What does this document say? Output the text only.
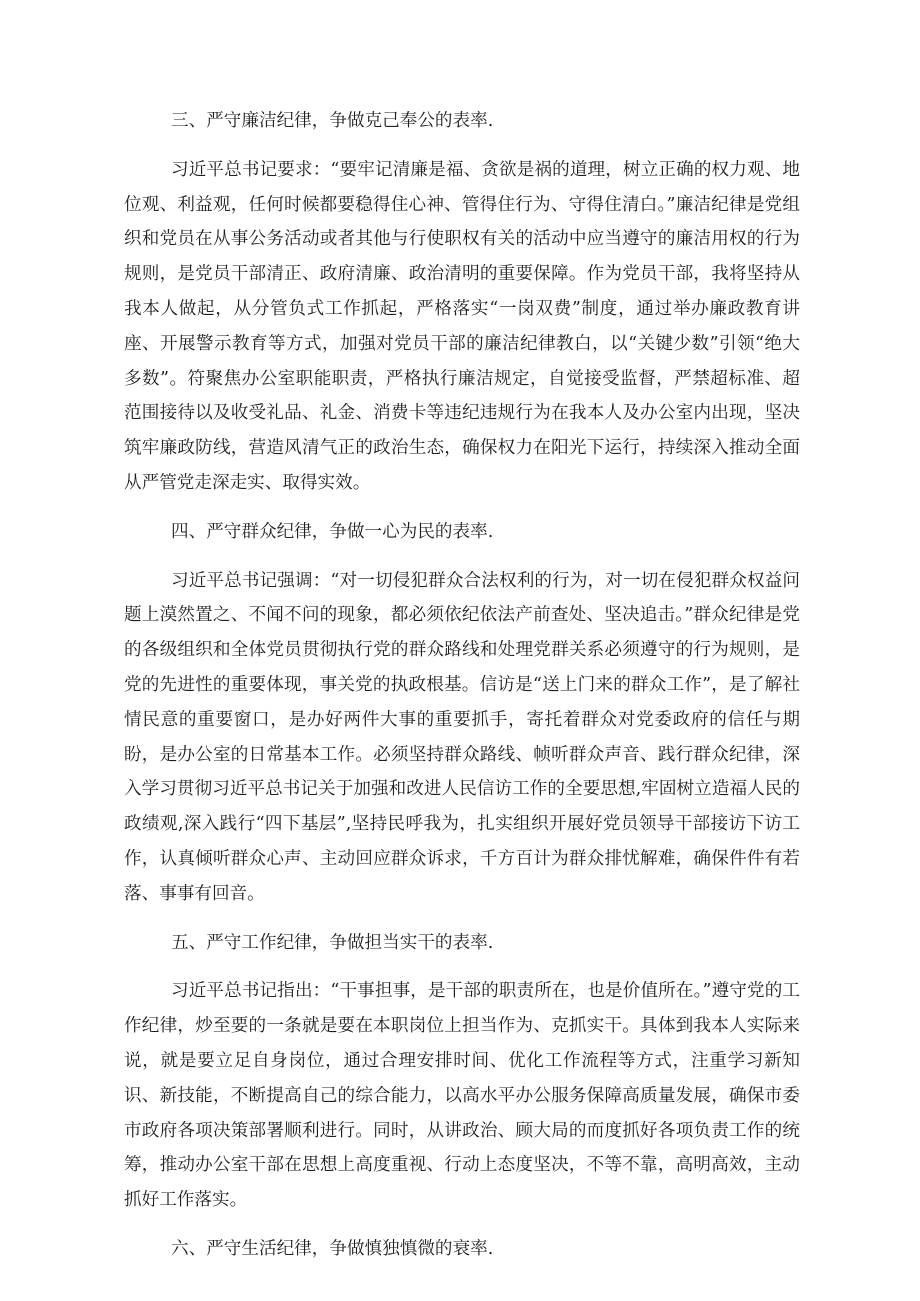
三、严守廉洁纪律，争做克己奉公的表率.
习近平总书记要求：“要牢记清廉是福、贪欲是祸的道理，树立正确的权力观、地位观、利益观，任何时候都要稳得住心神、管得住行为、守得住清白。”廉洁纪律是党组织和党员在从事公务活动或者其他与行使职权有关的活动中应当遵守的廉洁用权的行为规则，是党员干部清正、政府清廉、政治清明的重要保障。作为党员干部，我将坚持从我本人做起，从分管负式工作抓起，严格落实“一岗双费”制度，通过举办廉政教育讲座、开展警示教育等方式，加强对党员干部的廉洁纪律教白，以“关键少数”引领“绝大多数”。符聚焦办公室职能职责，严格执行廉洁规定，自觉接受监督，严禁超标准、超范围接待以及收受礼品、礼金、消费卡等违纪违规行为在我本人及办公室内出现，坚决筑牢廉政防线，营造风清气正的政治生态，确保权力在阳光下运行，持续深入推动全面从严管党走深走实、取得实效。
四、严守群众纪律，争做一心为民的表率.
习近平总书记强调：“对一切侵犯群众合法权利的行为，对一切在侵犯群众权益问题上漠然置之、不闻不问的现象，都必须依纪依法产前查处、坚决追击。”群众纪律是党的各级组织和全体党员贯彻执行党的群众路线和处理党群关系必须遵守的行为规则，是党的先进性的重要体现，事关党的执政根基。信访是“送上门来的群众工作”，是了解社情民意的重要窗口，是办好两件大事的重要抓手，寄托着群众对党委政府的信任与期盼，是办公室的日常基本工作。必须坚持群众路线、帧听群众声音、践行群众纪律，深入学习贯彻习近平总书记关于加强和改进人民信访工作的全要思想,牢固树立造福人民的政绩观,深入践行“四下基层”,坚持民呼我为，扎实组织开展好党员领导干部接访下访工作，认真倾听群众心声、主动回应群众诉求，千方百计为群众排忧解难，确保件件有若落、事事有回音。
五、严守工作纪律，争做担当实干的表率.
习近平总书记指出：“干事担事，是干部的职责所在，也是价值所在。”遵守党的工作纪律，炒至要的一条就是要在本职岗位上担当作为、克抓实干。具体到我本人实际来说，就是要立足自身岗位，通过合理安排时间、优化工作流程等方式，注重学习新知识、新技能，不断提高自己的综合能力，以高水平办公服务保障高质量发展，确保市委市政府各项决策部署顺利进行。同时，从讲政治、顾大局的而度抓好各项负责工作的统筹，推动办公室干部在思想上高度重视、行动上态度坚决，不等不靠，高明高效，主动抓好工作落实。
六、严守生活纪律，争做慎独慎微的衰率.
